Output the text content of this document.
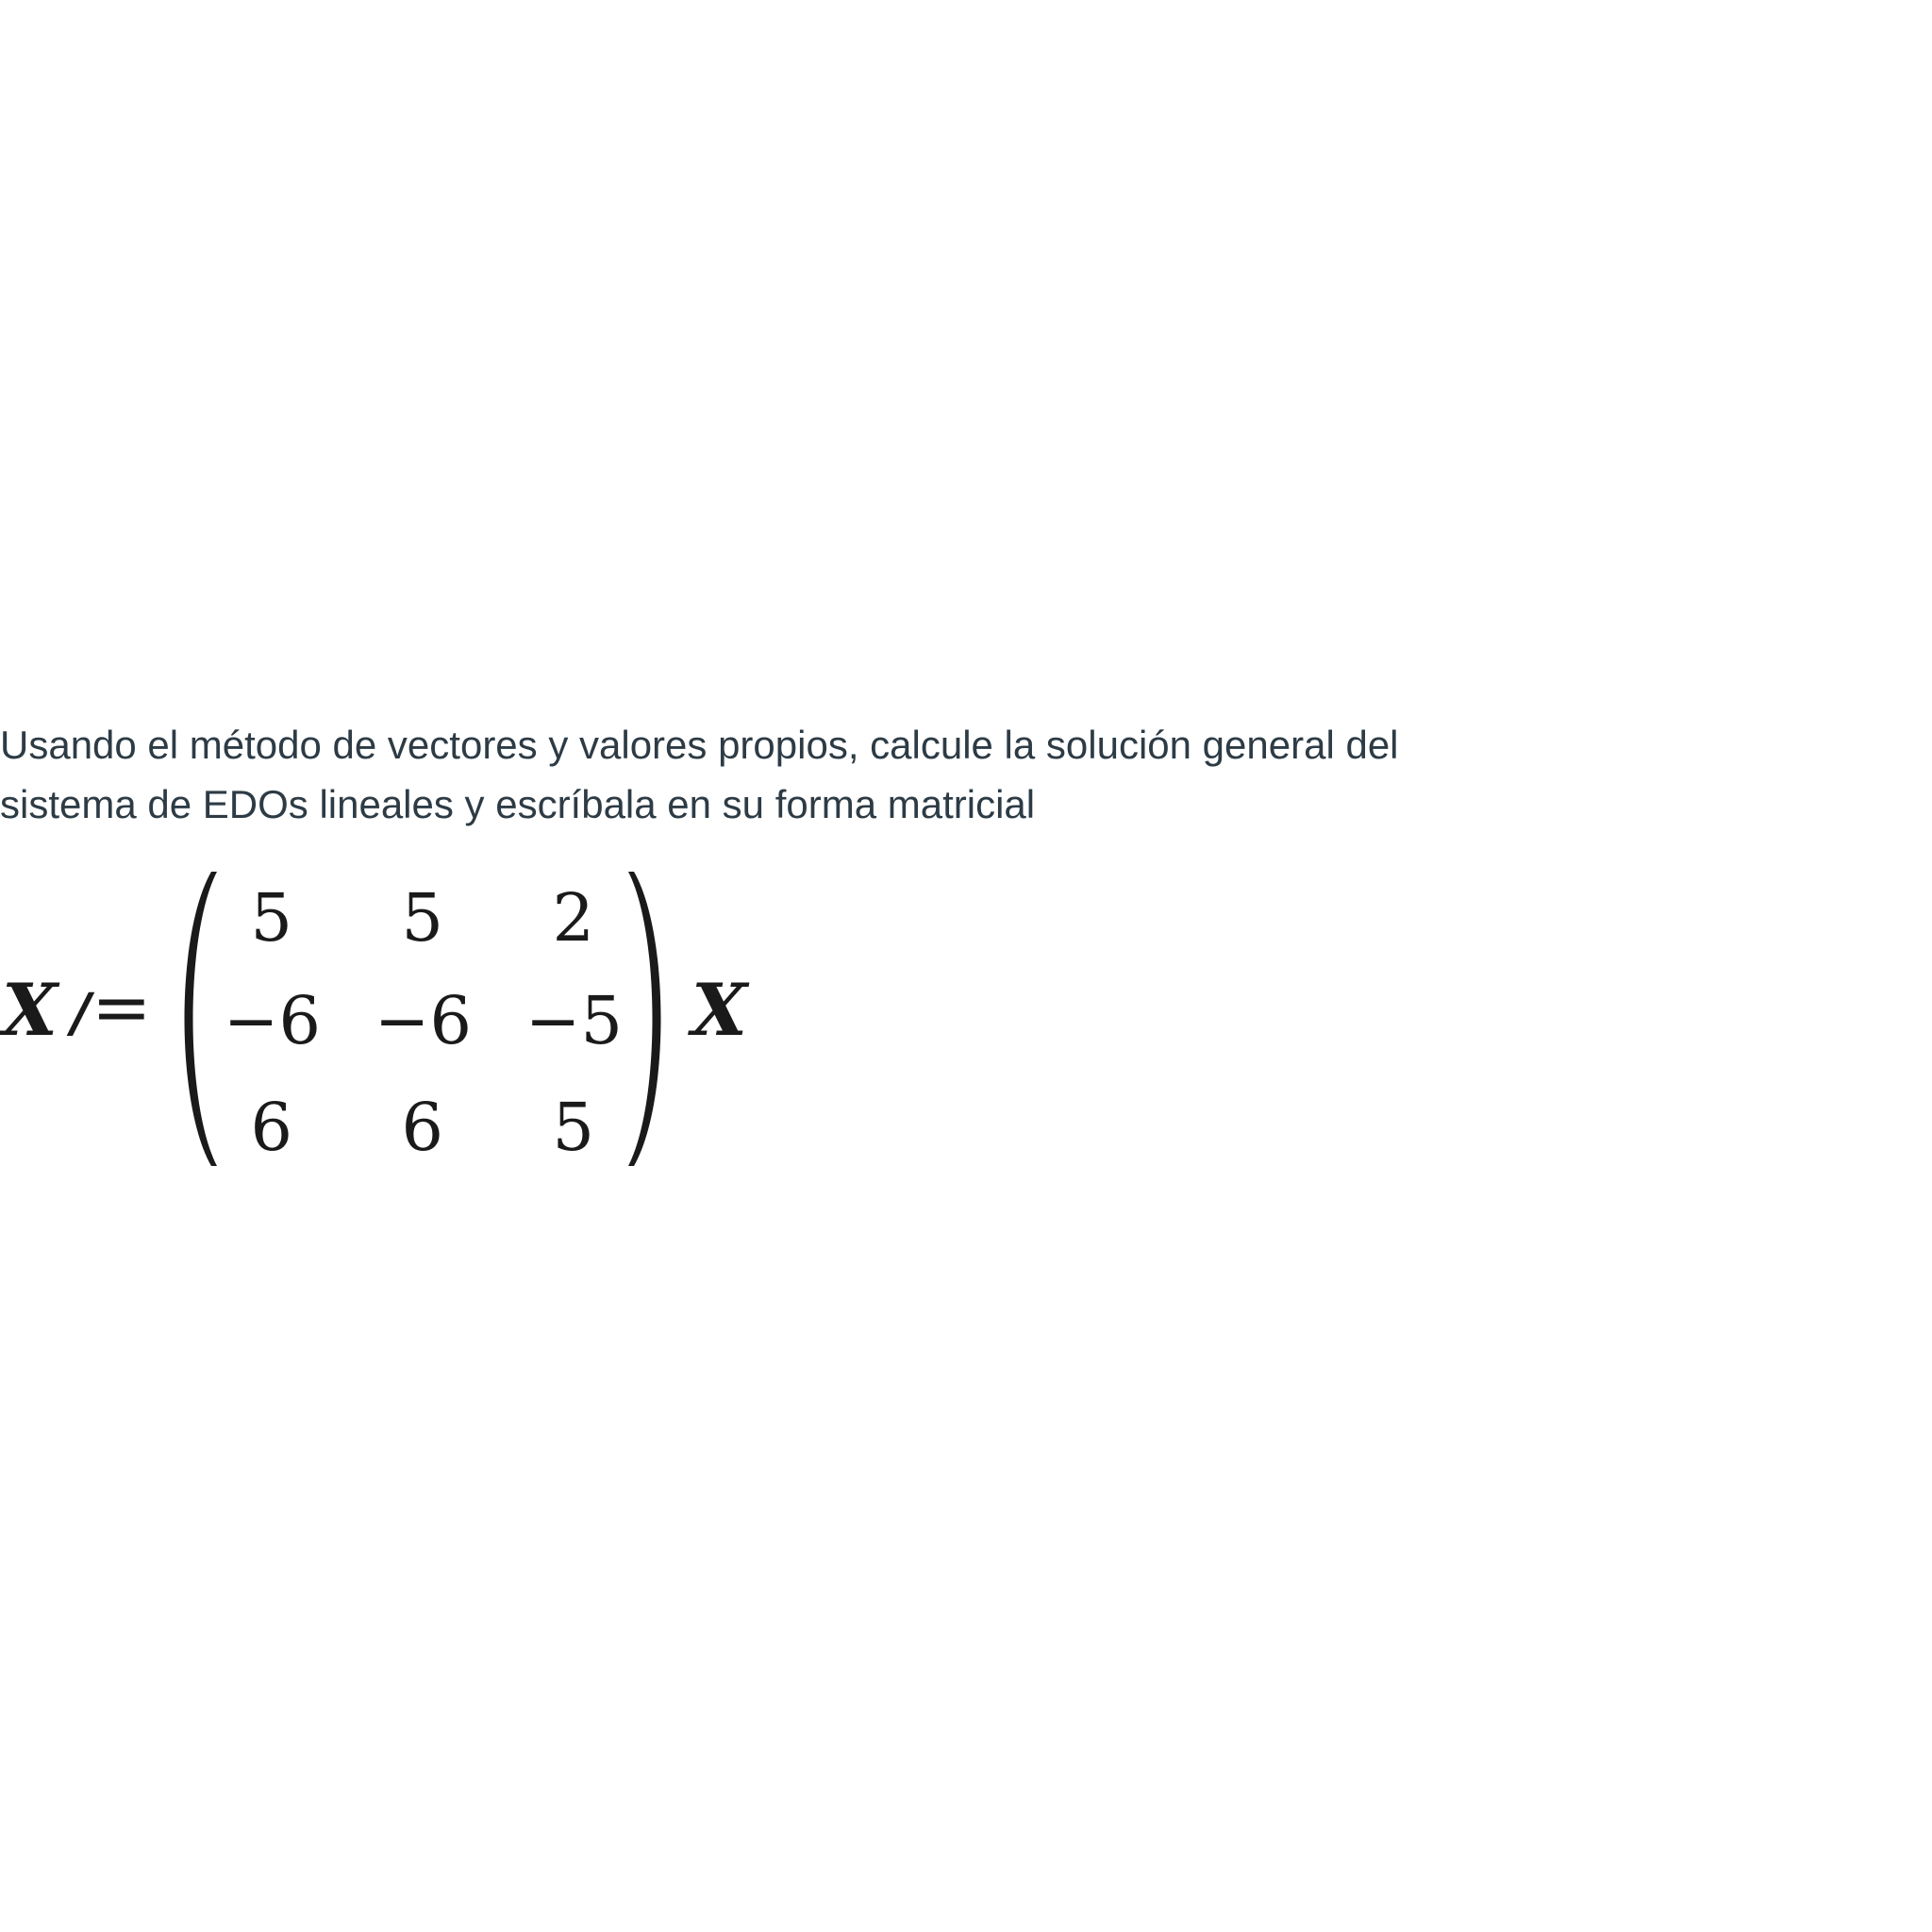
Usando el método de vectores y valores propios, calcule la solución general del
sistema de EDOs lineales y escríbala en su forma matricial

X / =
5	5	2
−6 −6 −5
6	6	5
X
